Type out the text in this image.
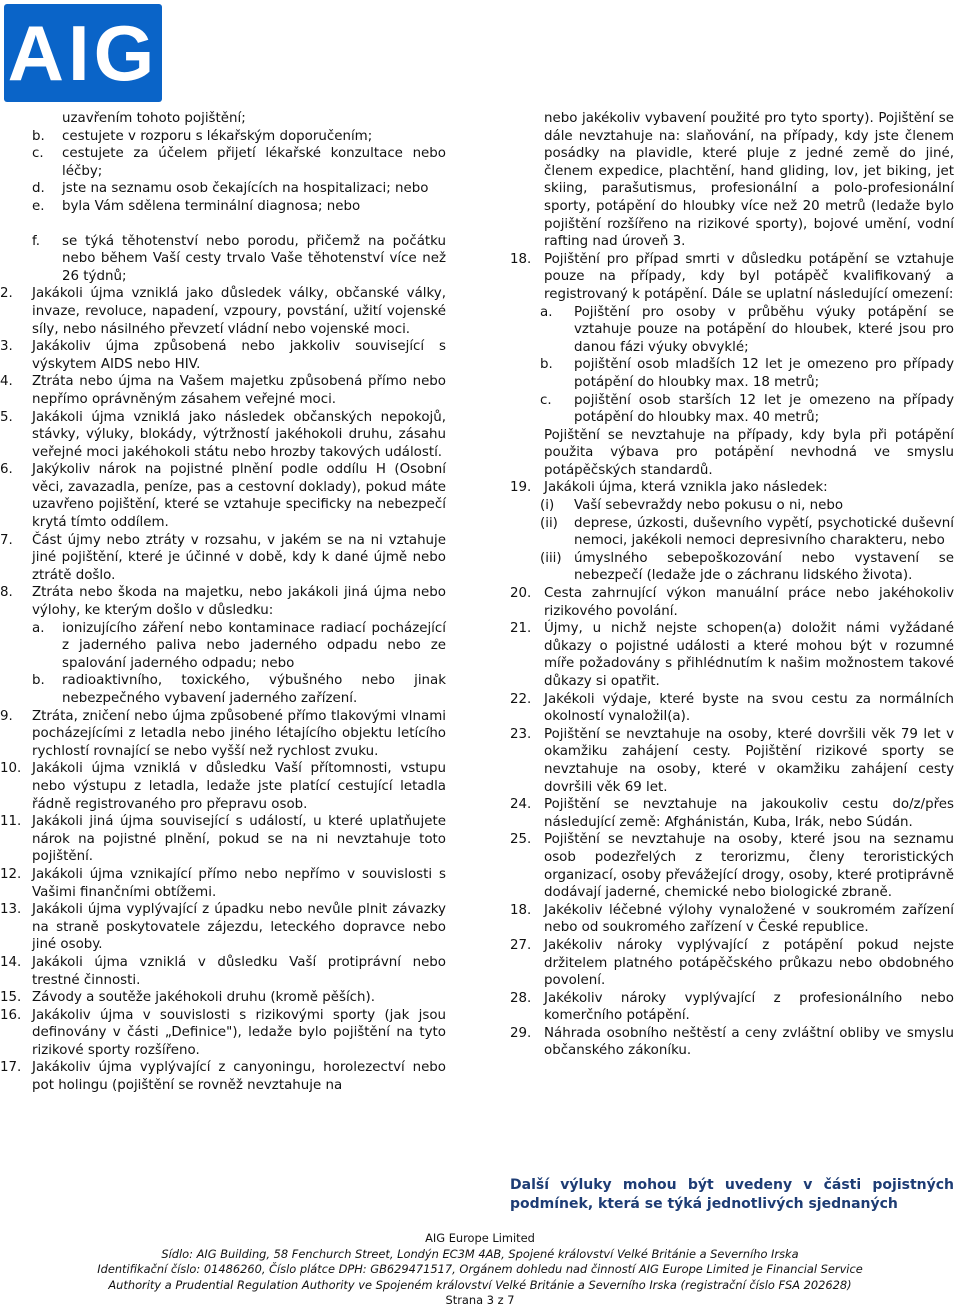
AIG
uzavřením tohoto pojištění;
b. cestujete v rozporu s lékařským doporučením;
c. cestujete za účelem přijetí lékařské konzultace nebo léčby;
d. jste na seznamu osob čekajících na hospitalizaci; nebo
e. byla Vám sdělena terminální diagnosa; nebo
f. se týká těhotenství nebo porodu, přičemž na počátku nebo během Vaší cesty trvalo Vaše těhotenství více než 26 týdnů;
2. Jakákoli újma vzniklá jako důsledek války, občanské války, invaze, revoluce, napadení, vzpoury, povstání, užití vojenské síly, nebo násilného převzetí vládní nebo vojenské moci.
3. Jakákoliv újma způsobená nebo jakkoliv související s výskytem AIDS nebo HIV.
4. Ztráta nebo újma na Vašem majetku způsobená přímo nebo nepřímo oprávněným zásahem veřejné moci.
5. Jakákoli újma vzniklá jako následek občanských nepokojů, stávky, výluky, blokády, výtržností jakéhokoli druhu, zásahu veřejné moci jakéhokoli státu nebo hrozby takových událostí.
6. Jakýkoliv nárok na pojistné plnění podle oddílu H (Osobní věci, zavazadla, peníze, pas a cestovní doklady), pokud máte uzavřeno pojištění, které se vztahuje specificky na nebezpečí krytá tímto oddílem.
7. Část újmy nebo ztráty v rozsahu, v jakém se na ni vztahuje jiné pojištění, které je účinné v době, kdy k dané újmě nebo ztrátě došlo.
8. Ztráta nebo škoda na majetku, nebo jakákoli jiná újma nebo výlohy, ke kterým došlo v důsledku:
a. ionizujícího záření nebo kontaminace radiací pocházející z jaderného paliva nebo jaderného odpadu nebo ze spalování jaderného odpadu; nebo
b. radioaktivního, toxického, výbušného nebo jinak nebezpečného vybavení jaderného zařízení.
9. Ztráta, zničení nebo újma způsobené přímo tlakovými vlnami pocházejícími z letadla nebo jiného létajícího objektu letícího rychlostí rovnající se nebo vyšší než rychlost zvuku.
10. Jakákoli újma vzniklá v důsledku Vaší přítomnosti, vstupu nebo výstupu z letadla, ledaže jste platící cestující letadla řádně registrovaného pro přepravu osob.
11. Jakákoli jiná újma související s událostí, u které uplatňujete nárok na pojistné plnění, pokud se na ni nevztahuje toto pojištění.
12. Jakákoli újma vznikající přímo nebo nepřímo v souvislosti s Vašimi finančními obtížemi.
13. Jakákoli újma vyplývající z úpadku nebo nevůle plnit závazky na straně poskytovatele zájezdu, leteckého dopravce nebo jiné osoby.
14. Jakákoli újma vzniklá v důsledku Vaší protiprávní nebo trestné činnosti.
15. Závody a soutěže jakéhokoli druhu (kromě pěších).
16. Jakákoliv újma v souvislosti s rizikovými sporty (jak jsou definovány v části „Definice"), ledaže bylo pojištění na tyto rizikové sporty rozšířeno.
17. Jakákoliv újma vyplývající z canyoningu, horolezectví nebo pot holingu (pojištění se rovněž nevztahuje na
nebo jakékoliv vybavení použité pro tyto sporty). Pojištění se dále nevztahuje na: slaňování, na případy, kdy jste členem posádky na plavidle, které pluje z jedné země do jiné, členem expedice, plachtění, hand gliding, lov, jet biking, jet skiing, parašutismus, profesionální a polo-profesionální sporty, potápění do hloubky více než 20 metrů (ledaže bylo pojištění rozšířeno na rizikové sporty), bojové umění, vodní rafting nad úroveň 3.
18. Pojištění pro případ smrti v důsledku potápění se vztahuje pouze na případy, kdy byl potápěč kvalifikovaný a registrovaný k potápění. Dále se uplatní následující omezení:
a. Pojištění pro osoby v průběhu výuky potápění se vztahuje pouze na potápění do hloubek, které jsou pro danou fázi výuky obvyklé;
b. pojištění osob mladších 12 let je omezeno pro případy potápění do hloubky max. 18 metrů;
c. pojištění osob starších 12 let je omezeno na případy potápění do hloubky max. 40 metrů;
Pojištění se nevztahuje na případy, kdy byla při potápění použita výbava pro potápění nevhodná ve smyslu potápěčských standardů.
19. Jakákoli újma, která vznikla jako následek:
(i) Vaší sebevraždy nebo pokusu o ni, nebo
(ii) deprese, úzkosti, duševního vypětí, psychotické duševní nemoci, jakékoli nemoci depresivního charakteru, nebo
(iii) úmyslného sebepoškozování nebo vystavení se nebezpečí (ledaže jde o záchranu lidského života).
20. Cesta zahrnující výkon manuální práce nebo jakéhokoliv rizikového povolání.
21. Újmy, u nichž nejste schopen(a) doložit námi vyžádané důkazy o pojistné události a které mohou být v rozumné míře požadovány s přihlédnutím k našim možnostem takové důkazy si opatřit.
22. Jakékoli výdaje, které byste na svou cestu za normálních okolností vynaložil(a).
23. Pojištění se nevztahuje na osoby, které dovršili věk 79 let v okamžiku zahájení cesty. Pojištění rizikové sporty se nevztahuje na osoby, které v okamžiku zahájení cesty dovršili věk 69 let.
24. Pojištění se nevztahuje na jakoukoliv cestu do/z/přes následující země: Afghánistán, Kuba, Irák, nebo Súdán.
25. Pojištění se nevztahuje na osoby, které jsou na seznamu osob podezřelých z terorizmu, členy teroristických organizací, osoby převážející drogy, osoby, které protiprávně dodávají jaderné, chemické nebo biologické zbraně.
18. Jakékoliv léčebné výlohy vynaložené v soukromém zařízení nebo od soukromého zařízení v České republice.
27. Jakékoliv nároky vyplývající z potápění pokud nejste držitelem platného potápěčského průkazu nebo obdobného povolení.
28. Jakékoliv nároky vyplývající z profesionálního nebo komerčního potápění.
29. Náhrada osobního neštěstí a ceny zvláštní obliby ve smyslu občanského zákoníku.
Další výluky mohou být uvedeny v části pojistných podmínek, která se týká jednotlivých sjednaných
AIG Europe Limited
Sídlo: AIG Building, 58 Fenchurch Street, Londýn EC3M 4AB, Spojené království Velké Británie a Severního Irska
Identifikační číslo: 01486260, Číslo plátce DPH: GB629471517, Orgánem dohledu nad činností AIG Europe Limited je Financial Service
Authority a Prudential Regulation Authority ve Spojeném království Velké Británie a Severního Irska (registrační číslo FSA 202628)
Strana 3 z 7
